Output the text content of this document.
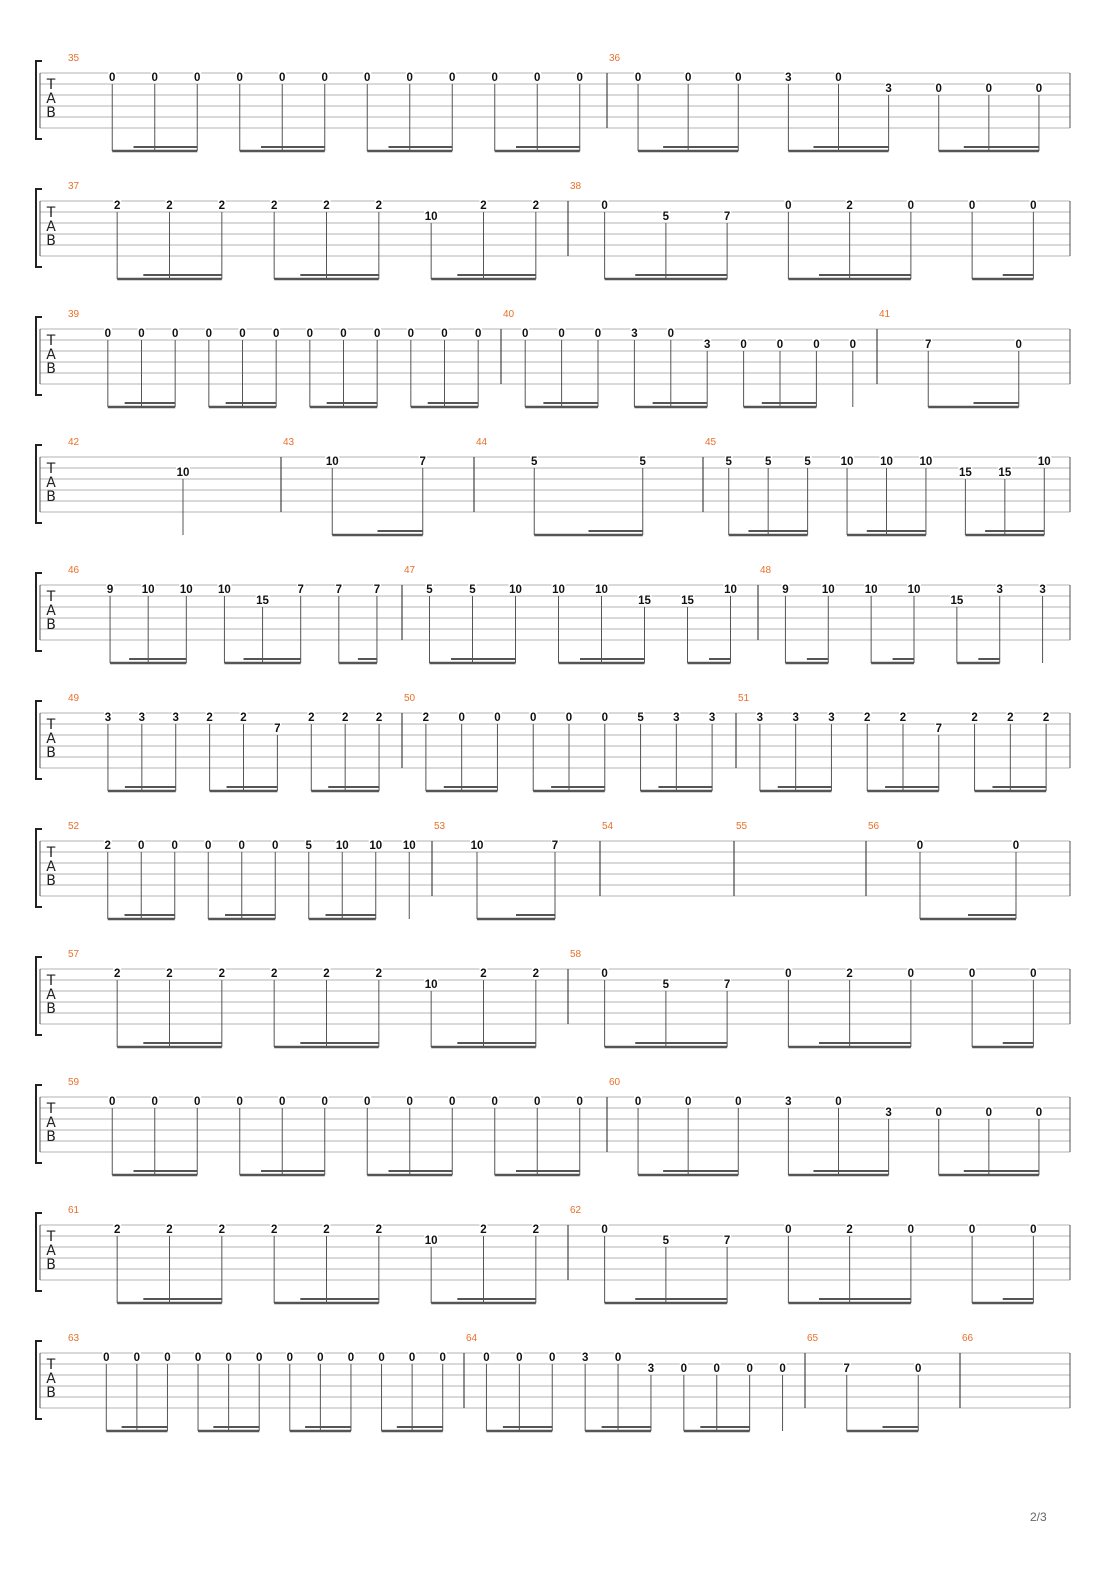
T
A
B
35
0	0	0	0	0	0	0	0	0	0	0	0
36
0	0	0	3	0
3	0	0	0
T
A
B
37
2	2	2	2	2	2
10
2	2
38
0
5	7
0	2	0	0	0
T
A
B
39
0 0 0 0 0 0 0 0 0 0 0 0
40
0	0	0	3	0
3	0	0	0	0
41
7	0
T
A
B
42
10
43
10	7
44
5	5
45
5	5	5	10 10 10
15 15
10
T
A
B
46
9 10 10 10
15
7	7	7
47
5	5	10	10	10
15	15
10
48
9	10	10	10
15
3	3
T
A
B
49
3 3 3 2 2
7
2 2 2
50
2	0	0	0	0	0	5	3	3
51
3	3	3	2	2
7
2	2	2
T
A
B
52
2 0 0 0 0 0 5 10 10 10
53
10	7
54	55	56
0	0
T
A
B
57
2	2	2	2	2	2
10
2	2
58
0
5	7
0	2	0	0	0
T
A
B
59
0	0	0	0	0	0	0	0	0	0	0	0
60
0	0	0	3	0
3	0	0	0
T
A
B
61
2	2	2	2	2	2
10
2	2
62
0
5	7
0	2	0	0	0
T
A
B
63
0 0 0 0 0 0 0 0 0 0 0 0
64
0 0 0 3 0
3 0 0 0 0
65
7	0
66
2/3
